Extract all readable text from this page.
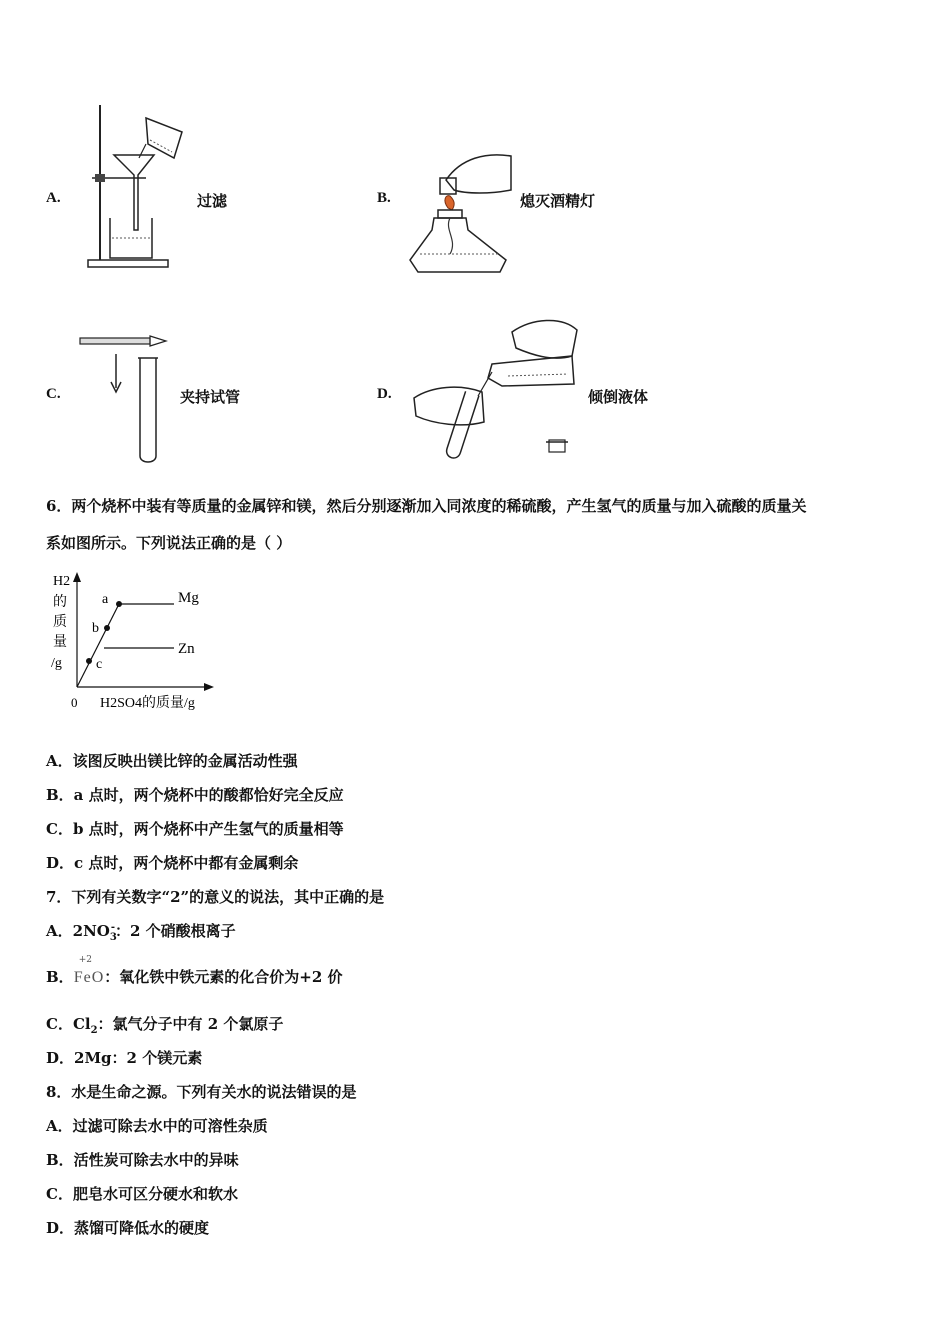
A.	过滤	B.	熄灭酒精灯
C.	夹持试管	D.	倾倒液体
6．两个烧杯中装有等质量的金属锌和镁，然后分别逐渐加入同浓度的稀硫酸，产生氢气的质量与加入硫酸的质量关
系如图所示。下列说法正确的是（ ）
H2
的
质
量
/g
a
b
c
Mg
Zn
0 H2SO4的质量/g
A．该图反映出镁比锌的金属活动性强
B．a 点时，两个烧杯中的酸都恰好完全反应
C．b 点时，两个烧杯中产生氢气的质量相等
D．c 点时，两个烧杯中都有金属剩余
7．下列有关数字“2”的意义的说法，其中正确的是
A．$2NO_3^-$：2 个硝酸根离子
B．
+2
FeO：氧化铁中铁元素的化合价为+2 价
C．$Cl_2$：氯气分子中有 2 个氯原子
D．2Mg：2 个镁元素
8．水是生命之源。下列有关水的说法错误的是
A．过滤可除去水中的可溶性杂质
B．活性炭可除去水中的异味
C．肥皂水可区分硬水和软水
D．蒸馏可降低水的硬度
